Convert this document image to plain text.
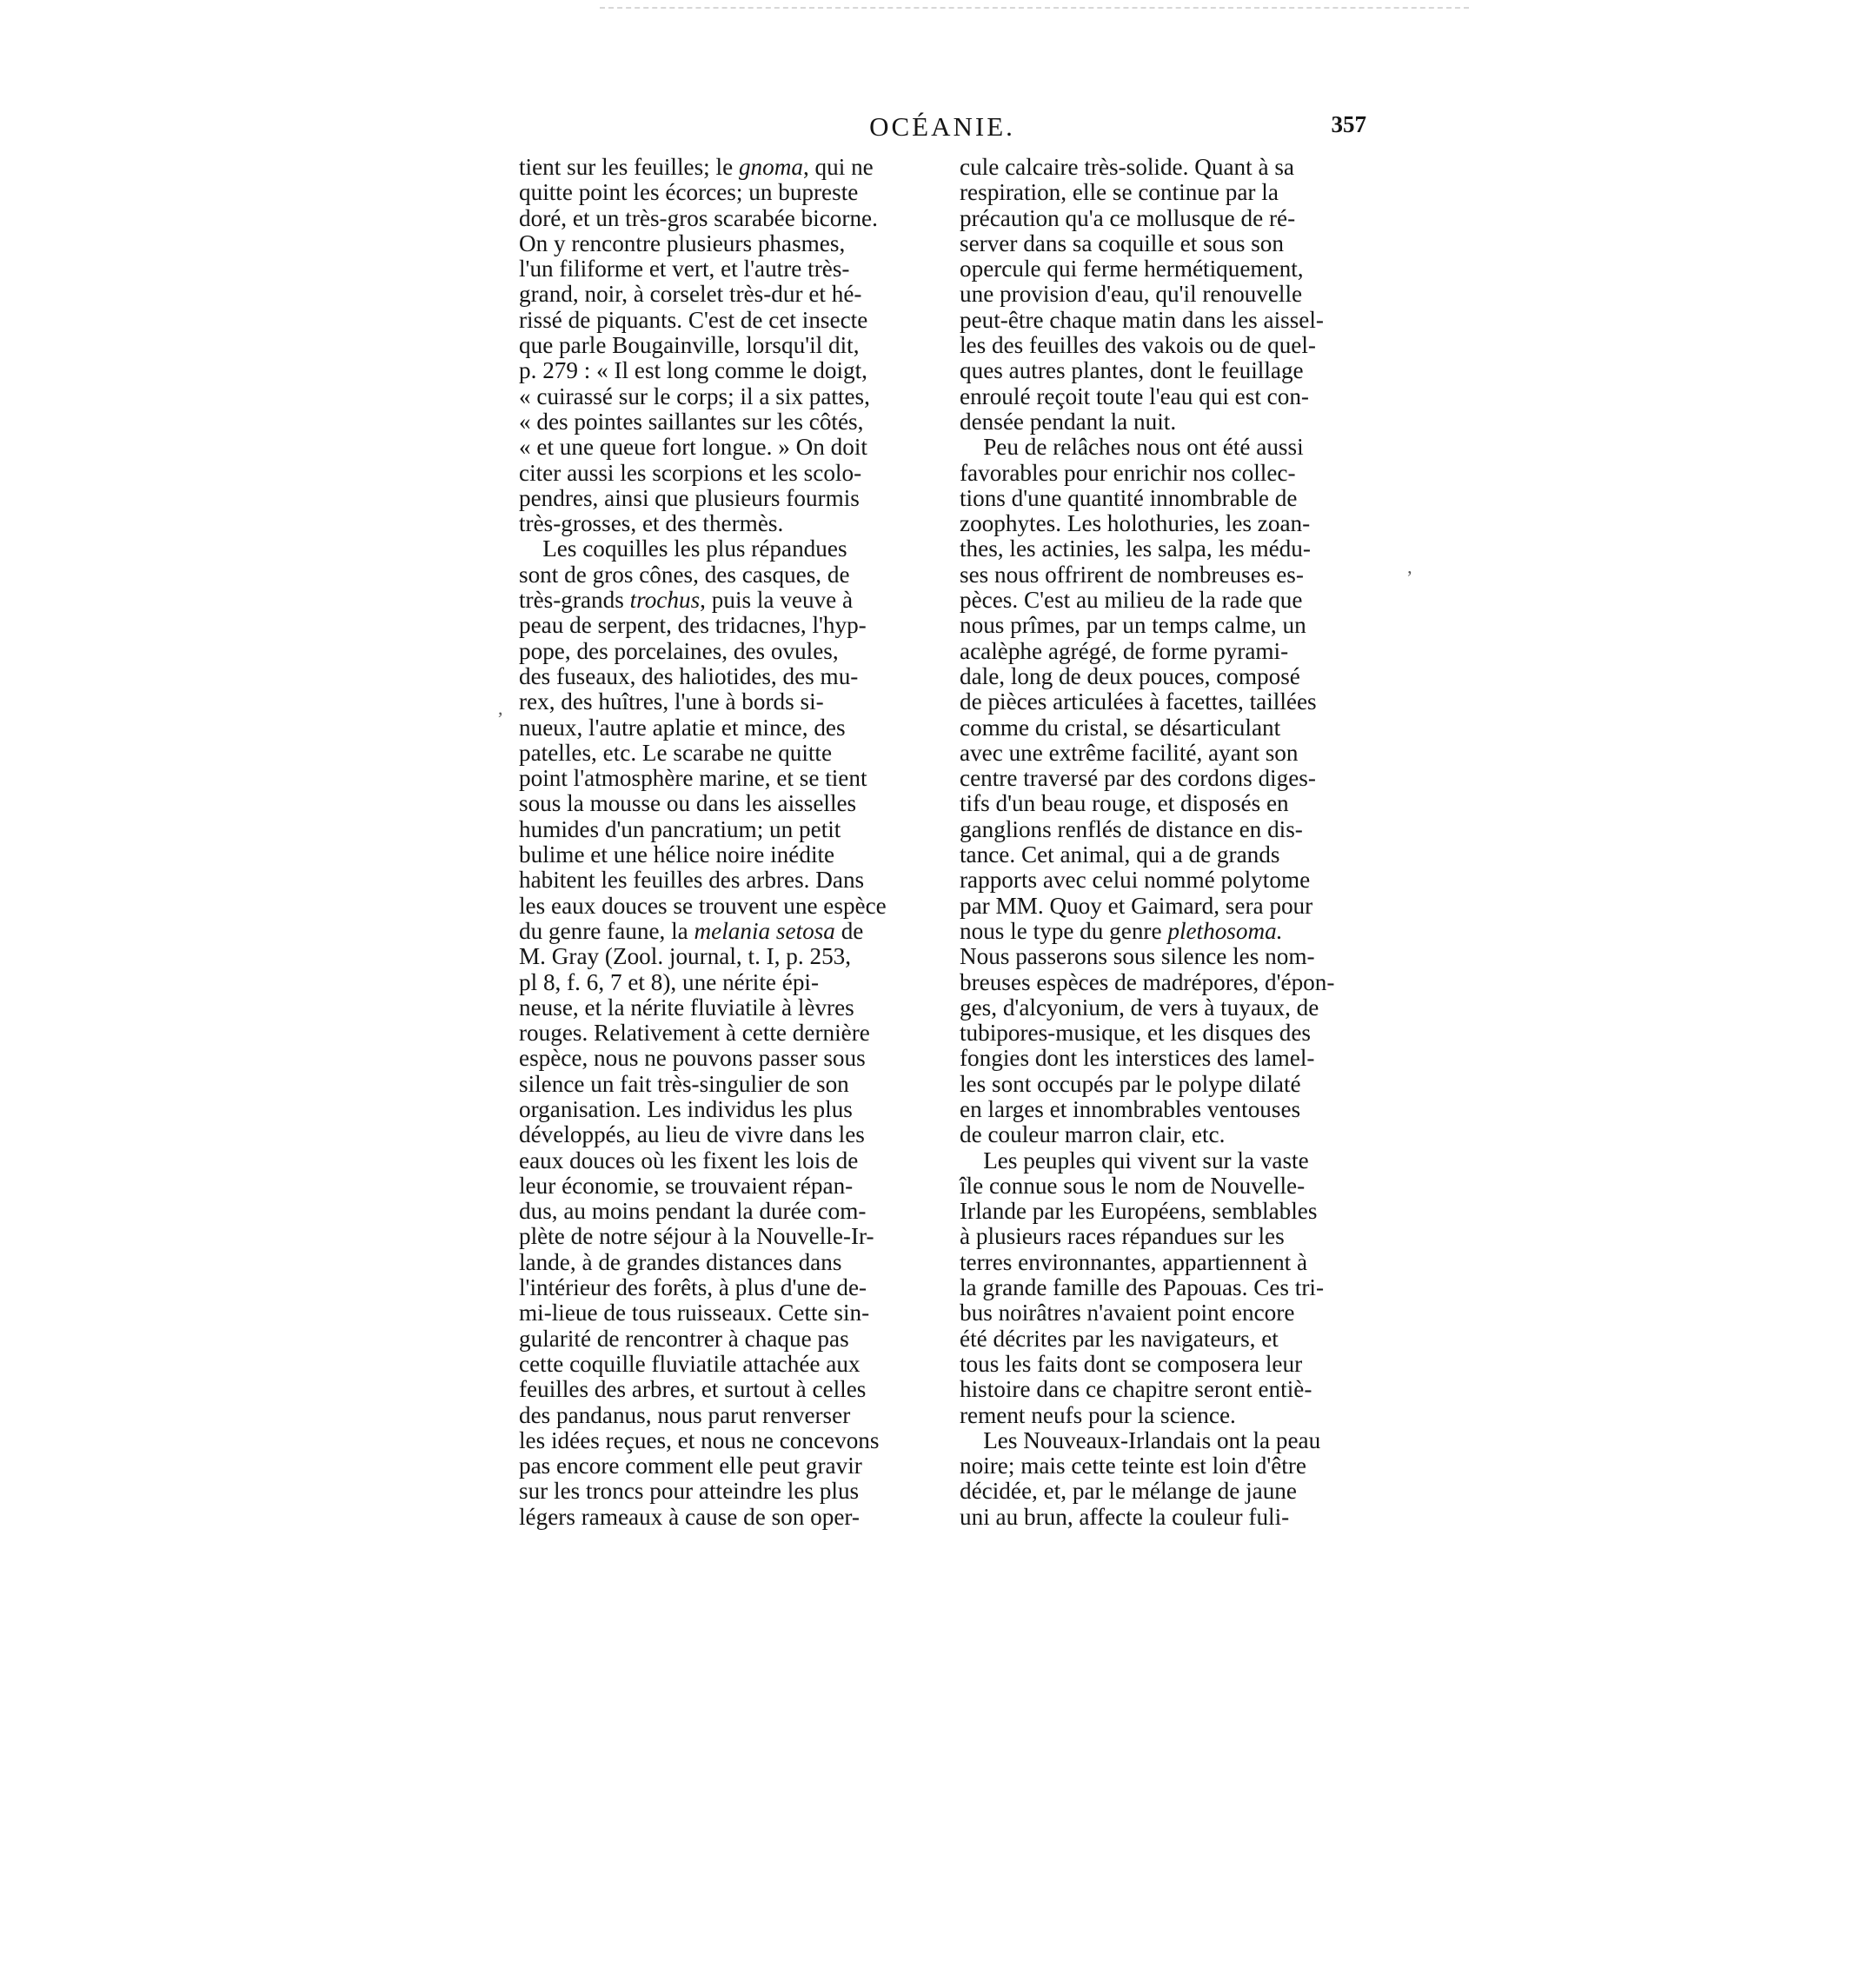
OCÉANIE.	357
tient sur les feuilles; le gnoma, qui ne
quitte point les écorces; un bupreste
doré, et un très-gros scarabée bicorne.
On y rencontre plusieurs phasmes,
l'un filiforme et vert, et l'autre très-
grand, noir, à corselet très-dur et hé-
rissé de piquants. C'est de cet insecte
que parle Bougainville, lorsqu'il dit,
p. 279 : « Il est long comme le doigt,
« cuirassé sur le corps; il a six pattes,
« des pointes saillantes sur les côtés,
« et une queue fort longue. » On doit
citer aussi les scorpions et les scolo-
pendres, ainsi que plusieurs fourmis
très-grosses, et des thermès.
Les coquilles les plus répandues
sont de gros cônes, des casques, de
très-grands trochus, puis la veuve à
peau de serpent, des tridacnes, l'hyp-
pope, des porcelaines, des ovules,
des fuseaux, des haliotides, des mu-
rex, des huîtres, l'une à bords si-
nueux, l'autre aplatie et mince, des
patelles, etc. Le scarabe ne quitte
point l'atmosphère marine, et se tient
sous la mousse ou dans les aisselles
humides d'un pancratium; un petit
bulime et une hélice noire inédite
habitent les feuilles des arbres. Dans
les eaux douces se trouvent une espèce
du genre faune, la melania setosa de
M. Gray (Zool. journal, t. I, p. 253,
pl 8, f. 6, 7 et 8), une nérite épi-
neuse, et la nérite fluviatile à lèvres
rouges. Relativement à cette dernière
espèce, nous ne pouvons passer sous
silence un fait très-singulier de son
organisation. Les individus les plus
développés, au lieu de vivre dans les
eaux douces où les fixent les lois de
leur économie, se trouvaient répan-
dus, au moins pendant la durée com-
plète de notre séjour à la Nouvelle-Ir-
lande, à de grandes distances dans
l'intérieur des forêts, à plus d'une de-
mi-lieue de tous ruisseaux. Cette sin-
gularité de rencontrer à chaque pas
cette coquille fluviatile attachée aux
feuilles des arbres, et surtout à celles
des pandanus, nous parut renverser
les idées reçues, et nous ne concevons
pas encore comment elle peut gravir
sur les troncs pour atteindre les plus
légers rameaux à cause de son oper-
cule calcaire très-solide. Quant à sa
respiration, elle se continue par la
précaution qu'a ce mollusque de ré-
server dans sa coquille et sous son
opercule qui ferme hermétiquement,
une provision d'eau, qu'il renouvelle
peut-être chaque matin dans les aissel-
les des feuilles des vakois ou de quel-
ques autres plantes, dont le feuillage
enroulé reçoit toute l'eau qui est con-
densée pendant la nuit.
Peu de relâches nous ont été aussi
favorables pour enrichir nos collec-
tions d'une quantité innombrable de
zoophytes. Les holothuries, les zoan-
thes, les actinies, les salpa, les médu-
ses nous offrirent de nombreuses es-
pèces. C'est au milieu de la rade que
nous prîmes, par un temps calme, un
acalèphe agrégé, de forme pyrami-
dale, long de deux pouces, composé
de pièces articulées à facettes, taillées
comme du cristal, se désarticulant
avec une extrême facilité, ayant son
centre traversé par des cordons diges-
tifs d'un beau rouge, et disposés en
ganglions renflés de distance en dis-
tance. Cet animal, qui a de grands
rapports avec celui nommé polytome
par MM. Quoy et Gaimard, sera pour
nous le type du genre plethosoma.
Nous passerons sous silence les nom-
breuses espèces de madrépores, d'épon-
ges, d'alcyonium, de vers à tuyaux, de
tubipores-musique, et les disques des
fongies dont les interstices des lamel-
les sont occupés par le polype dilaté
en larges et innombrables ventouses
de couleur marron clair, etc.
Les peuples qui vivent sur la vaste
île connue sous le nom de Nouvelle-
Irlande par les Européens, semblables
à plusieurs races répandues sur les
terres environnantes, appartiennent à
la grande famille des Papouas. Ces tri-
bus noirâtres n'avaient point encore
été décrites par les navigateurs, et
tous les faits dont se composera leur
histoire dans ce chapitre seront entiè-
rement neufs pour la science.
Les Nouveaux-Irlandais ont la peau
noire; mais cette teinte est loin d'être
décidée, et, par le mélange de jaune
uni au brun, affecte la couleur fuli-
,
ʼ
